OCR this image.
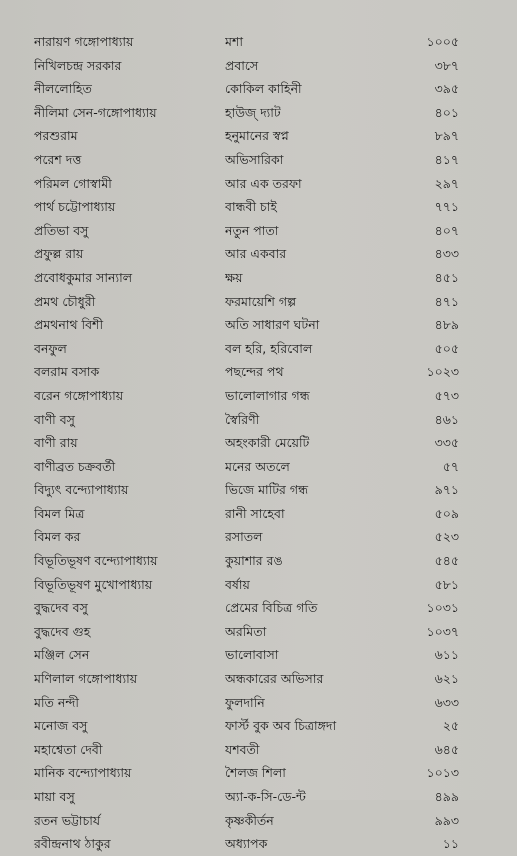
নারায়ণ গঙ্গোপাধ্যায়	মশা	১০০৫
নিখিলচন্দ্র সরকার	প্রবাসে	৩৮৭
নীললোহিত	কোকিল কাহিনী	৩৯৫
নীলিমা সেন-গঙ্গোপাধ্যায়	হাউজ্ দ্যাট	৪০১
পরশুরাম	হনুমানের স্বপ্ন	৮৯৭
পরেশ দত্ত	অভিসারিকা	৪১৭
পরিমল গোস্বামী	আর এক তরফা	২৯৭
পার্থ চট্টোপাধ্যায়	বান্ধবী চাই	৭৭১
প্রতিভা বসু	নতুন পাতা	৪০৭
প্রফুল্ল রায়	আর একবার	৪৩৩
প্রবোধকুমার সান্যাল	ক্ষয়	৪৫১
প্রমথ চৌধুরী	ফরমায়েশি গল্প	৪৭১
প্রমথনাথ বিশী	অতি সাধারণ ঘটনা	৪৮৯
বনফুল	বল হরি, হরিবোল	৫০৫
বলরাম বসাক	পছন্দের পথ	১০২৩
বরেন গঙ্গোপাধ্যায়	ভালোলাগার গন্ধ	৫৭৩
বাণী বসু	স্বৈরিণী	৪৬১
বাণী রায়	অহংকারী মেয়েটি	৩৩৫
বাণীব্রত চক্রবর্তী	মনের অতলে	৫৭
বিদ্যুৎ বন্দ্যোপাধ্যায়	ভিজে মাটির গন্ধ	৯৭১
বিমল মিত্র	রানী সাহেবা	৫০৯
বিমল কর	রসাতল	৫২৩
বিভূতিভূষণ বন্দ্যোপাধ্যায়	কুয়াশার রঙ	৫৪৫
বিভূতিভূষণ মুখোপাধ্যায়	বর্ষায়	৫৮১
বুদ্ধদেব বসু	প্রেমের বিচিত্র গতি	১০৩১
বুদ্ধদেব গুহ	অরমিতা	১০৩৭
মঞ্জিল সেন	ভালোবাসা	৬১১
মণিলাল গঙ্গোপাধ্যায়	অন্ধকারের অভিসার	৬২১
মতি নন্দী	ফুলদানি	৬৩৩
মনোজ বসু	ফার্স্ট বুক অব চিত্রাঙ্গদা	২৫
মহাশ্বেতা দেবী	যশবতী	৬৪৫
মানিক বন্দ্যোপাধ্যায়	শৈলজ শিলা	১০১৩
মায়া বসু	অ্যা-ক-সি-ডে-ন্ট	৪৯৯
রতন ভট্টাচার্য	কৃষ্ণকীর্তন	৯৯৩
রবীন্দ্রনাথ ঠাকুর	অধ্যাপক	১১
